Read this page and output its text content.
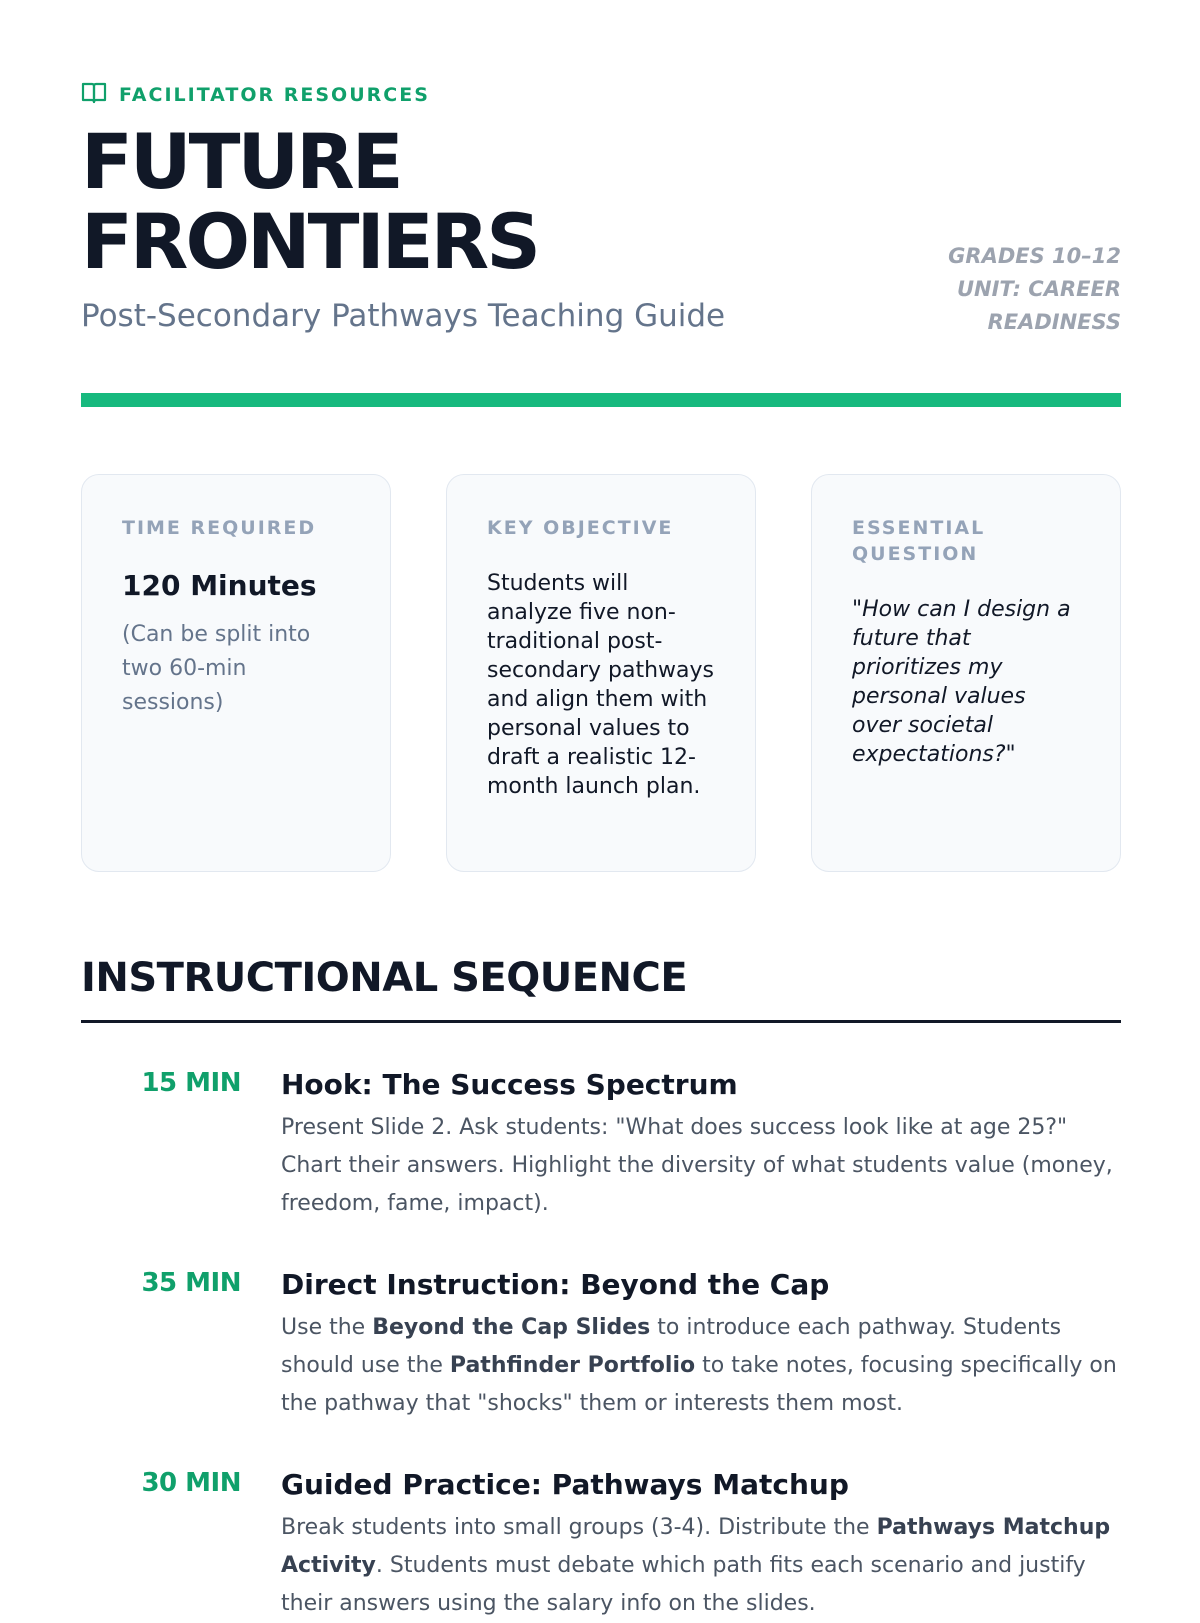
FACILITATOR RESOURCES
FUTURE
FRONTIERS
Post-Secondary Pathways Teaching Guide
GRADES 10–12
UNIT: CAREER
READINESS
TIME REQUIRED
120 Minutes
(Can be split into two 60-min sessions)
KEY OBJECTIVE
Students will analyze five non-traditional post-secondary pathways and align them with personal values to draft a realistic 12-month launch plan.
ESSENTIAL
QUESTION
"How can I design a future that prioritizes my personal values over societal expectations?"
INSTRUCTIONAL SEQUENCE
15 MIN Hook: The Success Spectrum
Present Slide 2. Ask students: "What does success look like at age 25?" Chart their answers. Highlight the diversity of what students value (money, freedom, fame, impact).
35 MIN Direct Instruction: Beyond the Cap
Use the Beyond the Cap Slides to introduce each pathway. Students should use the Pathfinder Portfolio to take notes, focusing specifically on the pathway that "shocks" them or interests them most.
30 MIN Guided Practice: Pathways Matchup
Break students into small groups (3-4). Distribute the Pathways Matchup Activity. Students must debate which path fits each scenario and justify their answers using the salary info on the slides.
